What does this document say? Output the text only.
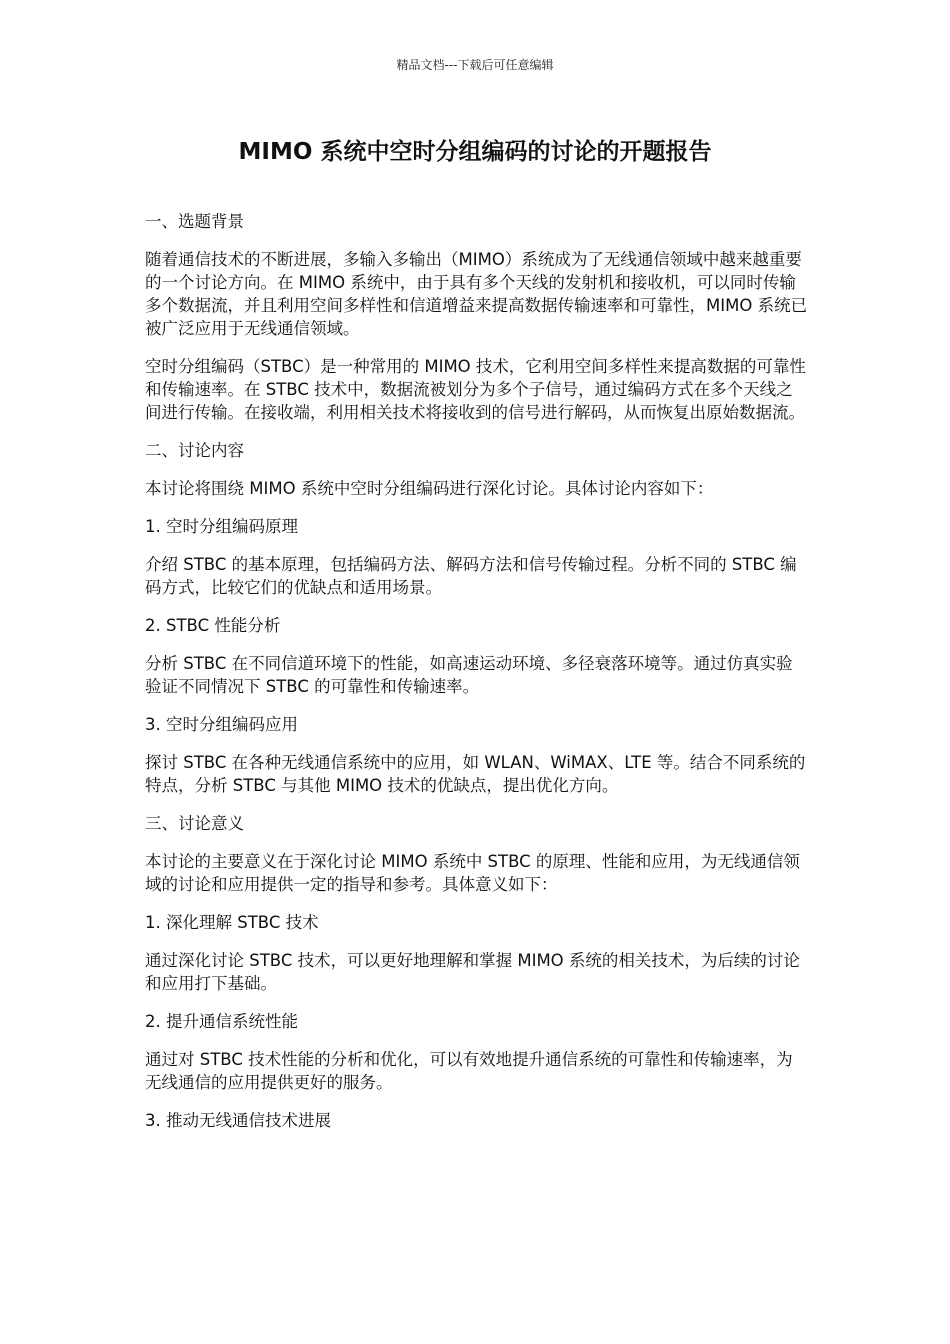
精品文档---下载后可任意编辑
MIMO 系统中空时分组编码的讨论的开题报告

一、选题背景

随着通信技术的不断进展，多输入多输出（MIMO）系统成为了无线通信领域中越来越重要的一个讨论方向。在 MIMO 系统中，由于具有多个天线的发射机和接收机，可以同时传输多个数据流，并且利用空间多样性和信道增益来提高数据传输速率和可靠性，MIMO 系统已被广泛应用于无线通信领域。

空时分组编码（STBC）是一种常用的 MIMO 技术，它利用空间多样性来提高数据的可靠性和传输速率。在 STBC 技术中，数据流被划分为多个子信号，通过编码方式在多个天线之间进行传输。在接收端，利用相关技术将接收到的信号进行解码，从而恢复出原始数据流。

二、讨论内容

本讨论将围绕 MIMO 系统中空时分组编码进行深化讨论。具体讨论内容如下：

1. 空时分组编码原理

介绍 STBC 的基本原理，包括编码方法、解码方法和信号传输过程。分析不同的 STBC 编码方式，比较它们的优缺点和适用场景。

2. STBC 性能分析

分析 STBC 在不同信道环境下的性能，如高速运动环境、多径衰落环境等。通过仿真实验验证不同情况下 STBC 的可靠性和传输速率。

3. 空时分组编码应用

探讨 STBC 在各种无线通信系统中的应用，如 WLAN、WiMAX、LTE 等。结合不同系统的特点，分析 STBC 与其他 MIMO 技术的优缺点，提出优化方向。

三、讨论意义

本讨论的主要意义在于深化讨论 MIMO 系统中 STBC 的原理、性能和应用，为无线通信领域的讨论和应用提供一定的指导和参考。具体意义如下：

1. 深化理解 STBC 技术

通过深化讨论 STBC 技术，可以更好地理解和掌握 MIMO 系统的相关技术，为后续的讨论和应用打下基础。

2. 提升通信系统性能

通过对 STBC 技术性能的分析和优化，可以有效地提升通信系统的可靠性和传输速率，为无线通信的应用提供更好的服务。

3. 推动无线通信技术进展
